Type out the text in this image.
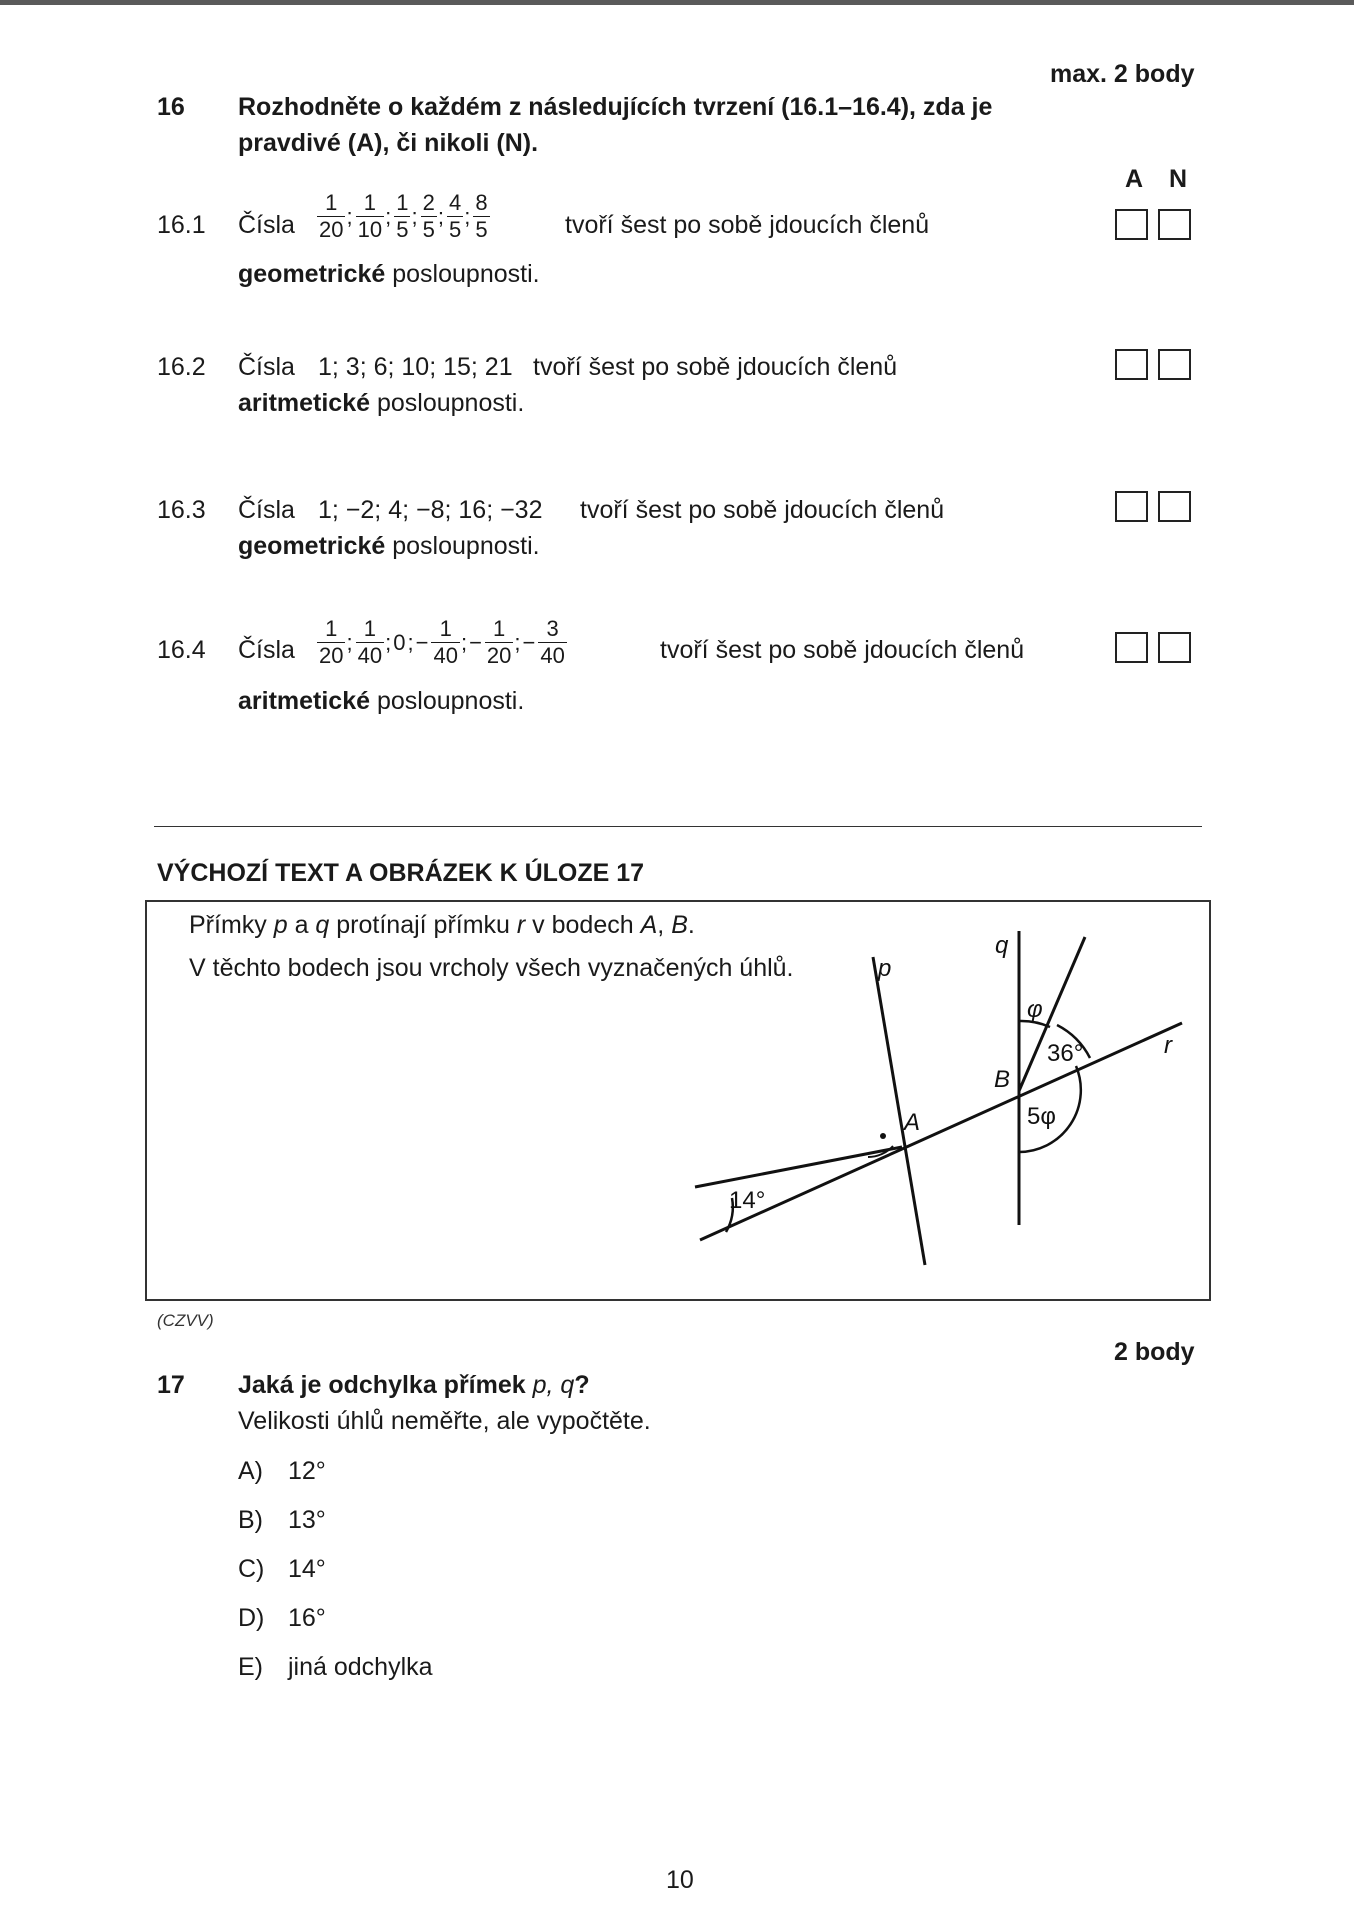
max. 2 body
16 Rozhodněte o každém z následujících tvrzení (16.1–16.4), zda je
pravdivé (A), či nikoli (N).
A N
16.1 Čísla $\frac{1}{20}$ ; $\frac{1}{10}$ ; $\frac{1}{5}$ ; $\frac{2}{5}$ ; $\frac{4}{5}$ ; $\frac{8}{5}$	tvoří šest po sobě jdoucích členů
geometrické posloupnosti.
16.2 Čísla 1; 3; 6; 10; 15; 21 tvoří šest po sobě jdoucích členů
aritmetické posloupnosti.
16.3 Čísla 1; −2; 4; −8; 16; −32 tvoří šest po sobě jdoucích členů
geometrické posloupnosti.
16.4 Čísla $\frac{1}{20}$ ; $\frac{1}{40}$ ;0;− $\frac{1}{40}$ ;− $\frac{1}{20}$ ;− $\frac{3}{40}$	tvoří šest po sobě jdoucích členů
aritmetické posloupnosti.
VÝCHOZÍ TEXT A OBRÁZEK K ÚLOZE 17
Přímky p a q protínají přímku r v bodech A, B.
V těchto bodech jsou vrcholy všech vyznačených úhlů.	p
q
r
A
B
φ
36°
5φ
14°
(CZVV)
2 body
17 Jaká je odchylka přímek p, q?
Velikosti úhlů neměřte, ale vypočtěte.
A) 12°
B) 13°
C) 14°
D) 16°
E) jiná odchylka
10
